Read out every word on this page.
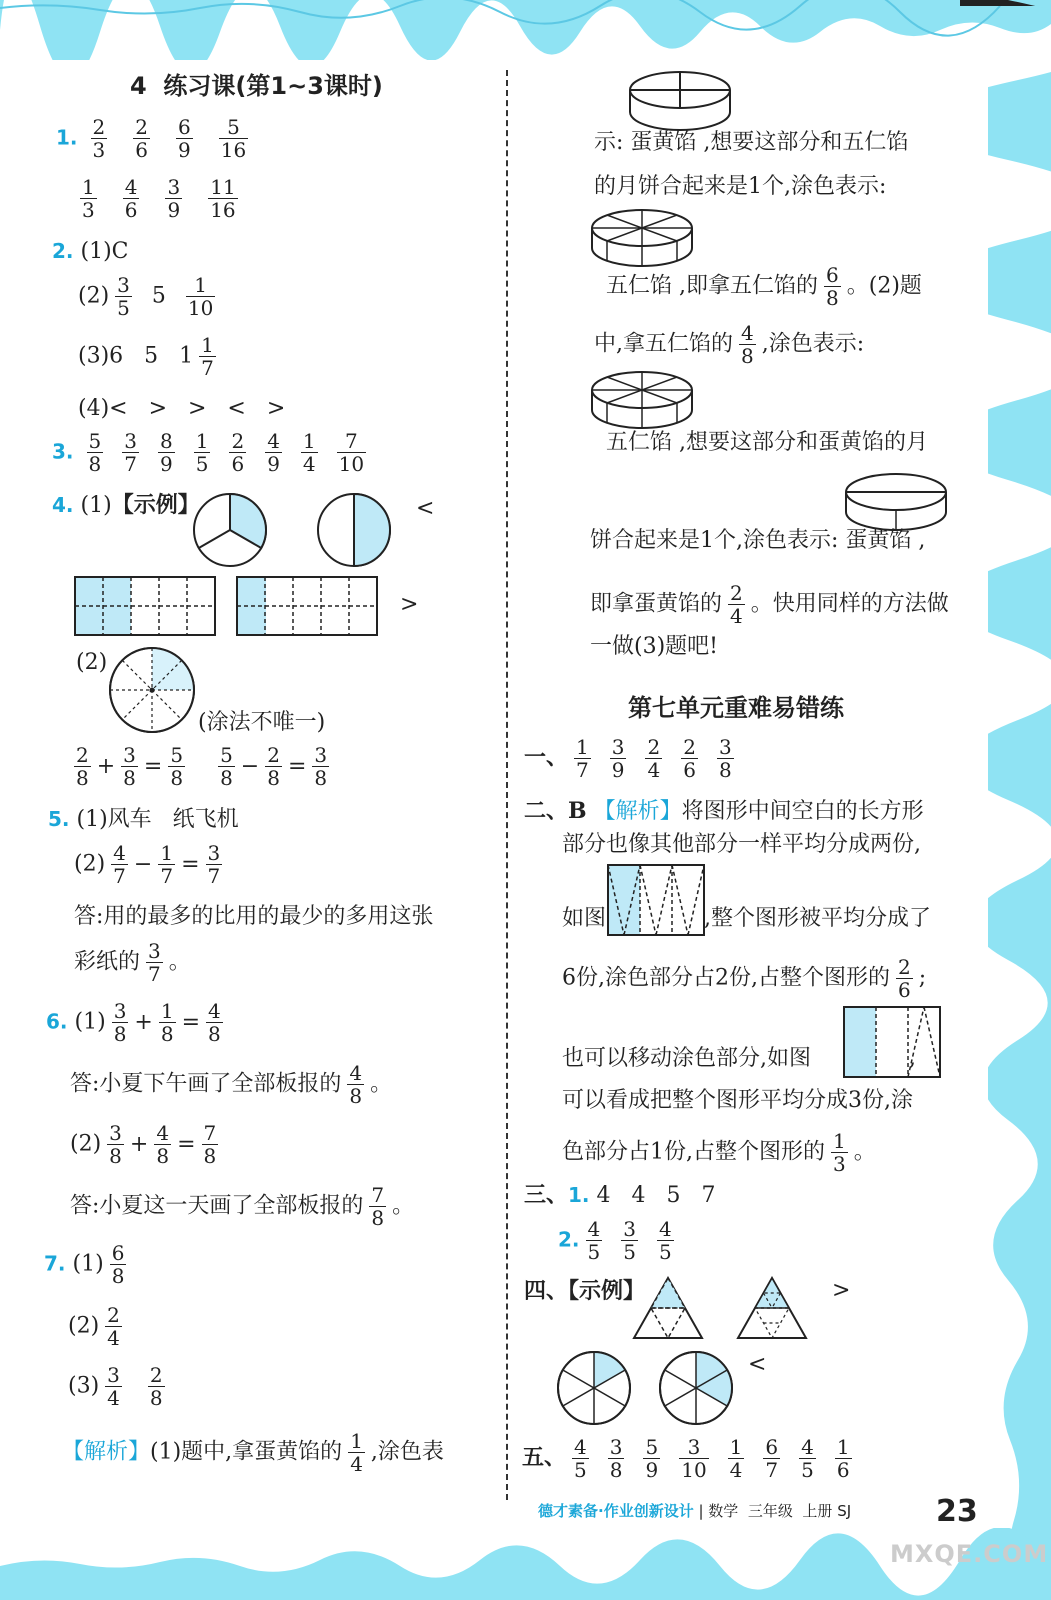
4 练习课(第1~3课时)
1. $\frac{2}{3}$
$\frac{2}{6}$
$\frac{6}{9}$
$\frac{5}{16}$
$\frac{1}{3}$
$\frac{4}{6}$
$\frac{3}{9}$
$\frac{11}{16}$
2. (1)C
$(2) \frac{3}{5} 5 \frac{1}{10}$
(3)6   5   $1 \frac{1}{7}$
(4)<   >   >   <   >
3. $\frac{5}{8}$
$\frac{3}{7}$
$\frac{8}{9}$
$\frac{1}{5}$
$\frac{2}{6}$
$\frac{4}{9}$
$\frac{1}{4}$
$\frac{7}{10}$
4. (1)【示例】	<
>
(2)
(涂法不唯一)
$\frac{2}{8} + \frac{3}{8} = \frac{5}{8}$
$\frac{5}{8} - \frac{2}{8} = \frac{3}{8}$
5. (1)风车   纸飞机
$(2) \frac{4}{7} - \frac{1}{7} = \frac{3}{7}$
答:用的最多的比用的最少的多用这张
彩纸的 $\frac{3}{7}$ 。
6. $(1) \frac{3}{8} + \frac{1}{8} = \frac{4}{8}$
答:小夏下午画了全部板报的 $\frac{4}{8}$ 。
$(2) \frac{3}{8} + \frac{4}{8} = \frac{7}{8}$
答:小夏这一天画了全部板报的 $\frac{7}{8}$ 。
7. $(1) \frac{6}{8}$
$(2) \frac{2}{4}$
$(3) \frac{3}{4}$
$\frac{2}{8}$
【解析】(1)题中,拿蛋黄馅的 $\frac{1}{4}$ ,涂色表
示: 蛋黄馅 ,想要这部分和五仁馅
的月饼合起来是1个,涂色表示:
五仁馅 ,即拿五仁馅的 $\frac{6}{8}$ 。(2)题
中,拿五仁馅的 $\frac{4}{8}$ ,涂色表示:
五仁馅 ,想要这部分和蛋黄馅的月
饼合起来是1个,涂色表示: 蛋黄馅 ,
即拿蛋黄馅的 $\frac{2}{4}$ 。快用同样的方法做
一做(3)题吧!
第七单元重难易错练
一、 $\frac{1}{7}$
$\frac{3}{9}$
$\frac{2}{4}$
$\frac{2}{6}$
$\frac{3}{8}$
二、B 【解析】将图形中间空白的长方形
部分也像其他部分一样平均分成两份,
如图	,整个图形被平均分成了
6份,涂色部分占2份,占整个图形的 $\frac{2}{6}$ ;
也可以移动涂色部分,如图	,
可以看成把整个图形平均分成3份,涂
色部分占1份,占整个图形的 $\frac{1}{3}$ 。
三、1. 4   4   5   7
2. $\frac{4}{5}$
$\frac{3}{5}$
$\frac{4}{5}$
四、【示例】	>
<
五、 $\frac{4}{5}$
$\frac{3}{8}$
$\frac{5}{9}$
$\frac{3}{10}$
$\frac{1}{4}$
$\frac{6}{7}$
$\frac{4}{5}$
$\frac{1}{6}$
德才素备·作业创新设计 | 数学 三年级 上册 SJ	23
MXQE.COM
